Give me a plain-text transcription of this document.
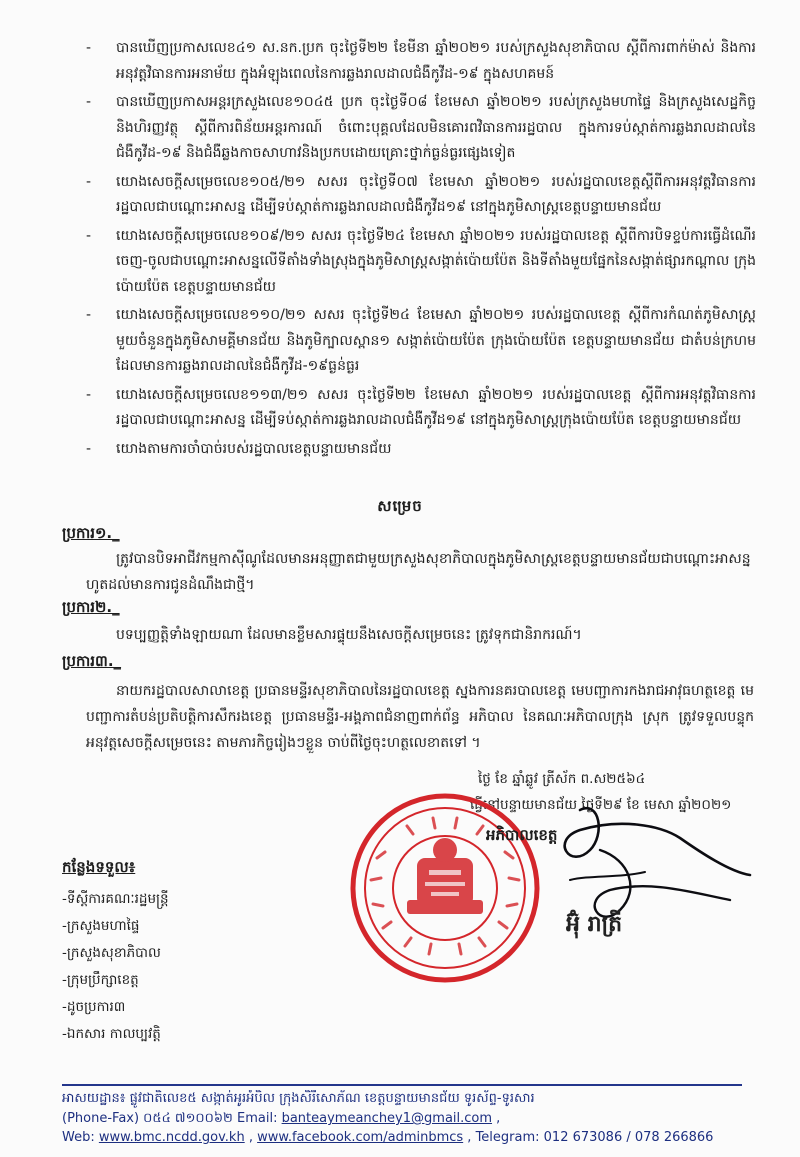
- បានឃើញប្រកាសលេខ៤១ ស.នក.ប្រក ចុះថ្ងៃទី២២ ខែមីនា ឆ្នាំ២០២១ របស់ក្រសួងសុខាភិបាល ស្តីពីការពាក់ម៉ាស់ និងការអនុវត្តវិធានការអនាម័យ ក្នុងអំឡុងពេលនៃការឆ្លងរាលដាលជំងឺកូវីដ-១៩ ក្នុងសហគមន៍
- បានឃើញប្រកាសអន្តរក្រសួងលេខ១០៤៥ ប្រក ចុះថ្ងៃទី០៨ ខែមេសា ឆ្នាំ២០២១ របស់ក្រសួងមហាផ្ទៃ និងក្រសួងសេដ្ឋកិច្ច និងហិរញ្ញវត្ថុ ស្តីពីការពិន័យអន្តរការណ៍ ចំពោះបុគ្គលដែលមិនគោរពវិធានការរដ្ឋបាល ក្នុងការទប់ស្កាត់ការឆ្លងរាលដាលនៃជំងឺកូវីដ-១៩ និងជំងឺឆ្លងកាចសាហាវនិងប្រកបដោយគ្រោះថ្នាក់ធ្ងន់ធ្ងរផ្សេងទៀត
- យោងសេចក្តីសម្រេចលេខ១០៥/២១ សសរ ចុះថ្ងៃទី០៧ ខែមេសា ឆ្នាំ២០២១ របស់រដ្ឋបាលខេត្តស្តីពីការអនុវត្តវិធានការរដ្ឋបាលជាបណ្តោះអាសន្ន ដើម្បីទប់ស្កាត់ការឆ្លងរាលដាលជំងឺកូវីដ១៩ នៅក្នុងភូមិសាស្ត្រខេត្តបន្ទាយមានជ័យ
- យោងសេចក្តីសម្រេចលេខ១០៩/២១ សសរ ចុះថ្ងៃទី២៤ ខែមេសា ឆ្នាំ២០២១ របស់រដ្ឋបាលខេត្ត ស្តីពីការបិទខ្ទប់ការធ្វើដំណើរចេញ-ចូលជាបណ្តោះអាសន្នលើទីតាំងទាំងស្រុងក្នុងភូមិសាស្ត្រសង្កាត់ប៉ោយប៉ែត និងទីតាំងមួយផ្នែកនៃសង្កាត់ផ្សារកណ្តាល ក្រុងប៉ោយប៉ែត ខេត្តបន្ទាយមានជ័យ
- យោងសេចក្តីសម្រេចលេខ១១០/២១ សសរ ចុះថ្ងៃទី២៤ ខែមេសា ឆ្នាំ២០២១ របស់រដ្ឋបាលខេត្ត ស្តីពីការកំណត់ភូមិសាស្ត្រមួយចំនួនក្នុងភូមិសាមគ្គីមានជ័យ និងភូមិក្បាលស្ពាន១ សង្កាត់ប៉ោយប៉ែត ក្រុងប៉ោយប៉ែត ខេត្តបន្ទាយមានជ័យ ជាតំបន់ក្រហម ដែលមានការឆ្លងរាលដាលនៃជំងឺកូវីដ-១៩ធ្ងន់ធ្ងរ
- យោងសេចក្តីសម្រេចលេខ១១៣/២១ សសរ ចុះថ្ងៃទី២២ ខែមេសា ឆ្នាំ២០២១ របស់រដ្ឋបាលខេត្ត ស្តីពីការអនុវត្តវិធានការរដ្ឋបាលជាបណ្តោះអាសន្ន ដើម្បីទប់ស្កាត់ការឆ្លងរាលដាលជំងឺកូវីដ១៩ នៅក្នុងភូមិសាស្ត្រក្រុងប៉ោយប៉ែត ខេត្តបន្ទាយមានជ័យ
- យោងតាមការចាំបាច់របស់រដ្ឋបាលខេត្តបន្ទាយមានជ័យ
សម្រេច
ប្រការ១._
ត្រូវបានបិទអាជីវកម្មកាស៊ីណូដែលមានអនុញ្ញាតជាមួយក្រសួងសុខាភិបាលក្នុងភូមិសាស្ត្រខេត្តបន្ទាយមានជ័យជាបណ្តោះអាសន្ន ហូតដល់មានការជូនដំណឹងជាថ្មី។
ប្រការ២._
បទប្បញ្ញត្តិទាំងឡាយណា ដែលមានខ្លឹមសារផ្ទុយនឹងសេចក្តីសម្រេចនេះ ត្រូវទុកជានិរាករណ៍។
ប្រការ៣._
នាយករដ្ឋបាលសាលាខេត្ត ប្រធានមន្ទីរសុខាភិបាលនៃរដ្ឋបាលខេត្ត ស្នងការនគរបាលខេត្ត មេបញ្ជាការកងរាជអាវុធហត្ថខេត្ត មេបញ្ជាការតំបន់ប្រតិបត្តិការសឹករងខេត្ត ប្រធានមន្ទីរ-អង្គភាពជំនាញពាក់ព័ន្ធ អភិបាល នៃគណៈអភិបាលក្រុង ស្រុក ត្រូវទទួលបន្ទុកអនុវត្តសេចក្តីសម្រេចនេះ តាមភារកិច្ចរៀងៗខ្លួន ចាប់ពីថ្ងៃចុះហត្ថលេខាតទៅ ។
ថ្ងៃ ខែ ឆ្នាំឆ្លូវ ត្រីស័ក ព.ស២៥៦៤
ធ្វើនៅបន្ទាយមានជ័យ ថ្ងៃទី២៩ ខែ មេសា ឆ្នាំ២០២១
អភិបាលខេត្ត
អ៊ុំ រាត្រី
កន្លែងទទួល៖
-ទីស្តីការគណៈរដ្ឋមន្ត្រី
-ក្រសួងមហាផ្ទៃ
-ក្រសួងសុខាភិបាល
-ក្រុមប្រឹក្សាខេត្ត
-ដូចប្រការ៣
-ឯកសារ កាលប្បវត្តិ
អាសយដ្ឋាន៖ ផ្លូវជាតិលេខ៥ សង្កាត់អូរអំបិល ក្រុងសិរីសោភ័ណ ខេត្តបន្ទាយមានជ័យ ទូរស័ព្ទ-ទូរសារ
(Phone-Fax) ០៥៤ ៧១០០៦២ Email: banteaymeanchey1@gmail.com ,
Web: www.bmc.ncdd.gov.kh , www.facebook.com/adminbmcs , Telegram: 012 673086 / 078 266866
